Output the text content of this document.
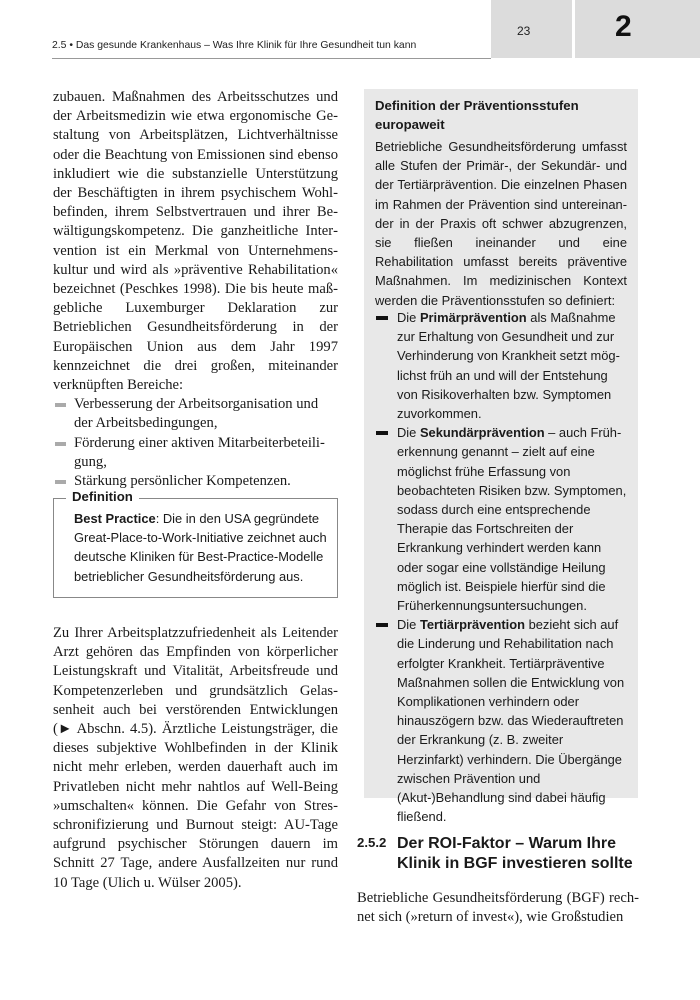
2.5 • Das gesunde Krankenhaus – Was Ihre Klinik für Ihre Gesundheit tun kann
23	2

zubauen. Maßnahmen des Arbeitsschutzes und der Arbeitsmedizin wie etwa ergonomische Gestaltung von Arbeitsplätzen, Lichtverhältnisse oder die Beachtung von Emissionen sind ebenso inkludiert wie die substanzielle Unterstützung der Beschäftigten in ihrem psychischem Wohlbefinden, ihrem Selbstvertrauen und ihrer Bewältigungskompetenz. Die ganzheitliche Intervention ist ein Merkmal von Unternehmenskultur und wird als »präventive Rehabilitation« bezeichnet (Peschkes 1998). Die bis heute maßgebliche Luxemburger Deklaration zur Betrieblichen Gesundheitsförderung in der Europäischen Union aus dem Jahr 1997 kennzeichnet die drei großen, miteinander verknüpften Bereiche:

Verbesserung der Arbeitsorganisation und der Arbeitsbedingungen,
Förderung einer aktiven Mitarbeiterbeteiligung,
Stärkung persönlicher Kompetenzen.
Definition

Best Practice: Die in den USA gegründete Great-Place-to-Work-Initiative zeichnet auch deutsche Kliniken für Best-Practice-Modelle betrieblicher Gesundheitsförderung aus.

Zu Ihrer Arbeitsplatzzufriedenheit als Leitender Arzt gehören das Empfinden von körperlicher Leistungskraft und Vitalität, Arbeitsfreude und Kompetenzerleben und grundsätzlich Gelassenheit auch bei verstörenden Entwicklungen (► Abschn. 4.5). Ärztliche Leistungsträger, die dieses subjektive Wohlbefinden in der Klinik nicht mehr erleben, werden dauerhaft auch im Privatleben nicht mehr nahtlos auf Well-Being »umschalten« können. Die Gefahr von Stresschronifizierung und Burnout steigt: AU-Tage aufgrund psychischer Störungen dauern im Schnitt 27 Tage, andere Ausfallzeiten nur rund 10 Tage (Ulich u. Wülser 2005).

Definition der Präventionsstufen europaweit

Betriebliche Gesundheitsförderung umfasst alle Stufen der Primär-, der Sekundär- und der Tertiärprävention. Die einzelnen Phasen im Rahmen der Prävention sind untereinander in der Praxis oft schwer abzugrenzen, sie fließen ineinander und eine Rehabilitation umfasst bereits präventive Maßnahmen. Im medizinischen Kontext werden die Präventionsstufen so definiert:

Die Primärprävention als Maßnahme zur Erhaltung von Gesundheit und zur Verhinderung von Krankheit setzt möglichst früh an und will der Entstehung von Risikoverhalten bzw. Symptomen zuvorkommen.
Die Sekundärprävention – auch Früherkennung genannt – zielt auf eine möglichst frühe Erfassung von beobachteten Risiken bzw. Symptomen, sodass durch eine entsprechende Therapie das Fortschreiten der Erkrankung verhindert werden kann oder sogar eine vollständige Heilung möglich ist. Beispiele hierfür sind die Früherkennungsuntersuchungen.
Die Tertiärprävention bezieht sich auf die Linderung und Rehabilitation nach erfolgter Krankheit. Tertiärpräventive Maßnahmen sollen die Entwicklung von Komplikationen verhindern oder hinauszögern bzw. das Wiederauftreten der Erkrankung (z. B. zweiter Herzinfarkt) verhindern. Die Übergänge zwischen Prävention und (Akut-)Behandlung sind dabei häufig fließend.
2.5.2 Der ROI-Faktor – Warum Ihre Klinik in BGF investieren sollte

Betriebliche Gesundheitsförderung (BGF) rechnet sich (»return of invest«), wie Großstudien
